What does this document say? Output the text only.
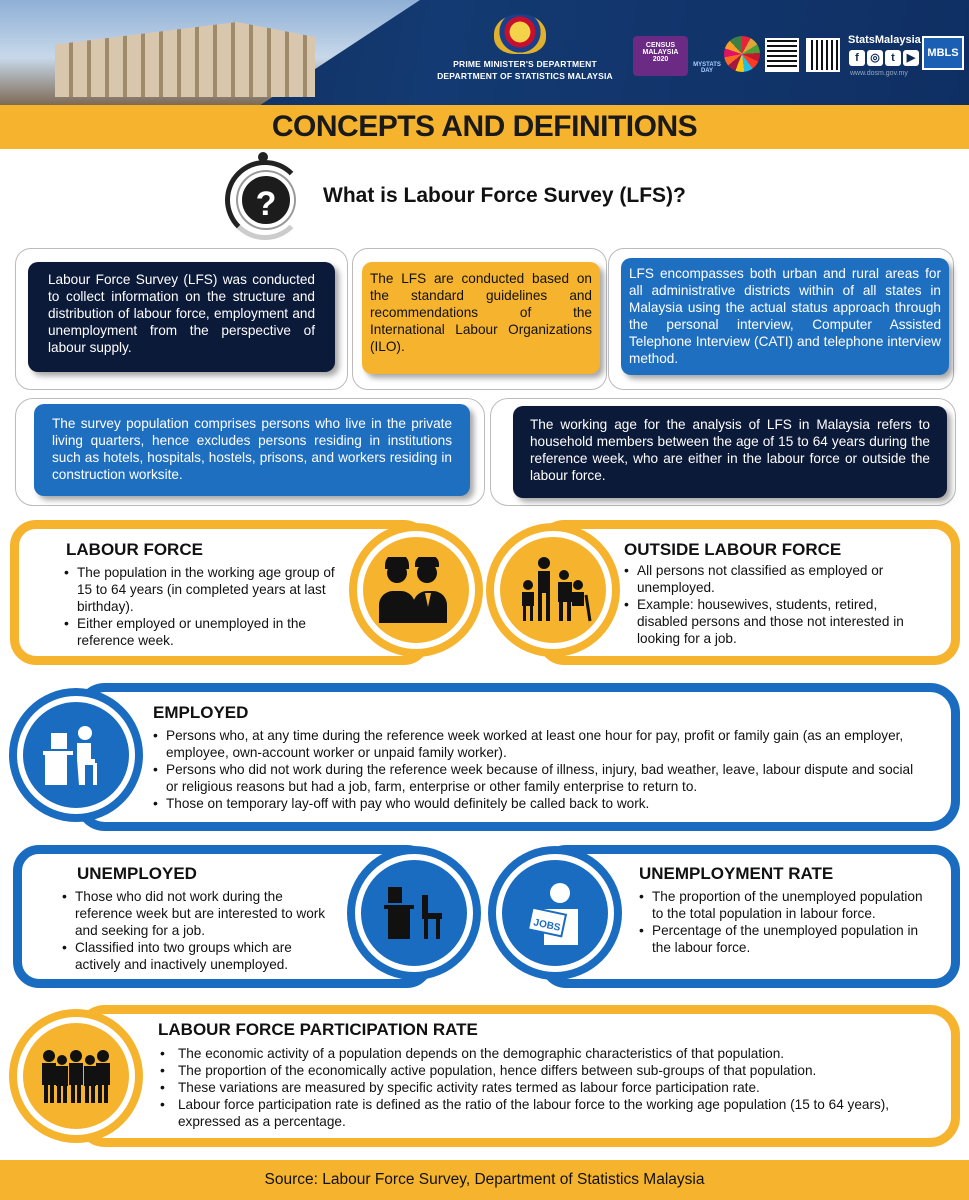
PRIME MINISTER'S DEPARTMENT
DEPARTMENT OF STATISTICS MALAYSIA
CENSUS MALAYSIA 2020
MYSTATS DAY
StatsMalaysia
f	◎	t	▶
www.dosm.gov.my
MBLS
CONCEPTS AND DEFINITIONS
?	What is Labour Force Survey (LFS)?
Labour Force Survey (LFS) was conducted to collect information on the structure and distribution of labour force, employment and unemployment from the perspective of labour supply.
The LFS are conducted based on the standard guidelines and recommendations of the International Labour Organizations (ILO).
LFS encompasses both urban and rural areas for all administrative districts within of all states in Malaysia using the actual status approach through the personal interview, Computer Assisted Telephone Interview (CATI) and telephone interview method.
The survey population comprises persons who live in the private living quarters, hence excludes persons residing in institutions such as hotels, hospitals, hostels, prisons, and workers residing in construction worksite.
The working age for the analysis of LFS in Malaysia refers to household members between the age of 15 to 64 years during the reference week, who are either in the labour force or outside the labour force.
LABOUR FORCE
• The population in the working age group of 15 to 64 years (in completed years at last birthday).
• Either employed or unemployed in the reference week.
OUTSIDE LABOUR FORCE
• All persons not classified as employed or unemployed.
• Example: housewives, students, retired, disabled persons and those not interested in looking for a job.
EMPLOYED
• Persons who, at any time during the reference week worked at least one hour for pay, profit or family gain (as an employer, employee, own-account worker or unpaid family worker).
• Persons who did not work during the reference week because of illness, injury, bad weather, leave, labour dispute and social or religious reasons but had a job, farm, enterprise or other family enterprise to return to.
• Those on temporary lay-off with pay who would definitely be called back to work.
UNEMPLOYED
• Those who did not work during the reference week but are interested to work and seeking for a job.
• Classified into two groups which are actively and inactively unemployed.
JOBS
UNEMPLOYMENT RATE
• The proportion of the unemployed population to the total population in labour force.
• Percentage of the unemployed population in the labour force.
LABOUR FORCE PARTICIPATION RATE
• The economic activity of a population depends on the demographic characteristics of that population.
• The proportion of the economically active population, hence differs between sub-groups of that population.
• These variations are measured by specific activity rates termed as labour force participation rate.
• Labour force participation rate is defined as the ratio of the labour force to the working age population (15 to 64 years), expressed as a percentage.
Source: Labour Force Survey, Department of Statistics Malaysia
